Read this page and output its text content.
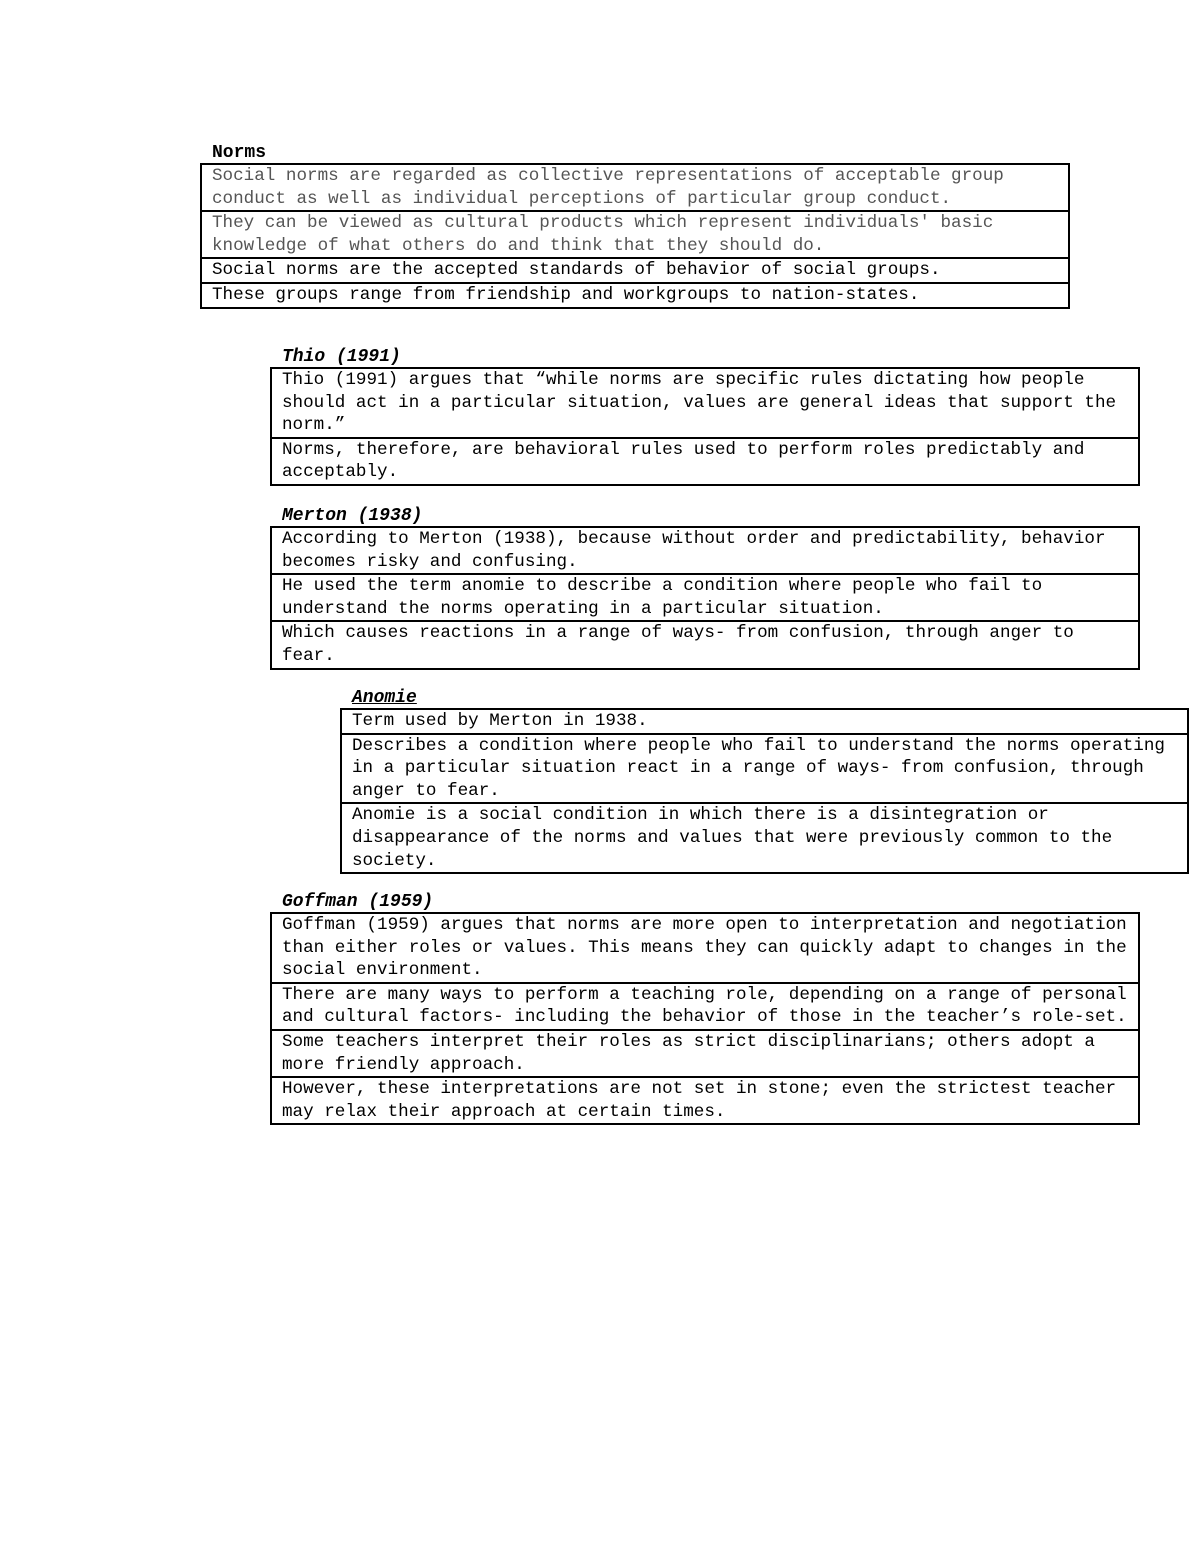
Norms
Social norms are regarded as collective representations of acceptable group conduct as well as individual perceptions of particular group conduct.
They can be viewed as cultural products which represent individuals' basic knowledge of what others do and think that they should do.
Social norms are the accepted standards of behavior of social groups.
These groups range from friendship and workgroups to nation-states.
Thio (1991)
Thio (1991) argues that “while norms are specific rules dictating how people should act in a particular situation, values are general ideas that support the norm.”
Norms, therefore, are behavioral rules used to perform roles predictably and acceptably.
Merton (1938)
According to Merton (1938), because without order and predictability, behavior becomes risky and confusing.
He used the term anomie to describe a condition where people who fail to understand the norms operating in a particular situation.
Which causes reactions in a range of ways- from confusion, through anger to fear.
Anomie
Term used by Merton in 1938.
Describes a condition where people who fail to understand the norms operating in a particular situation react in a range of ways- from confusion, through anger to fear.
Anomie is a social condition in which there is a disintegration or disappearance of the norms and values that were previously common to the society.
Goffman (1959)
Goffman (1959) argues that norms are more open to interpretation and negotiation than either roles or values. This means they can quickly adapt to changes in the social environment.
There are many ways to perform a teaching role, depending on a range of personal and cultural factors- including the behavior of those in the teacher’s role-set.
Some teachers interpret their roles as strict disciplinarians; others adopt a more friendly approach.
However, these interpretations are not set in stone; even the strictest teacher may relax their approach at certain times.
